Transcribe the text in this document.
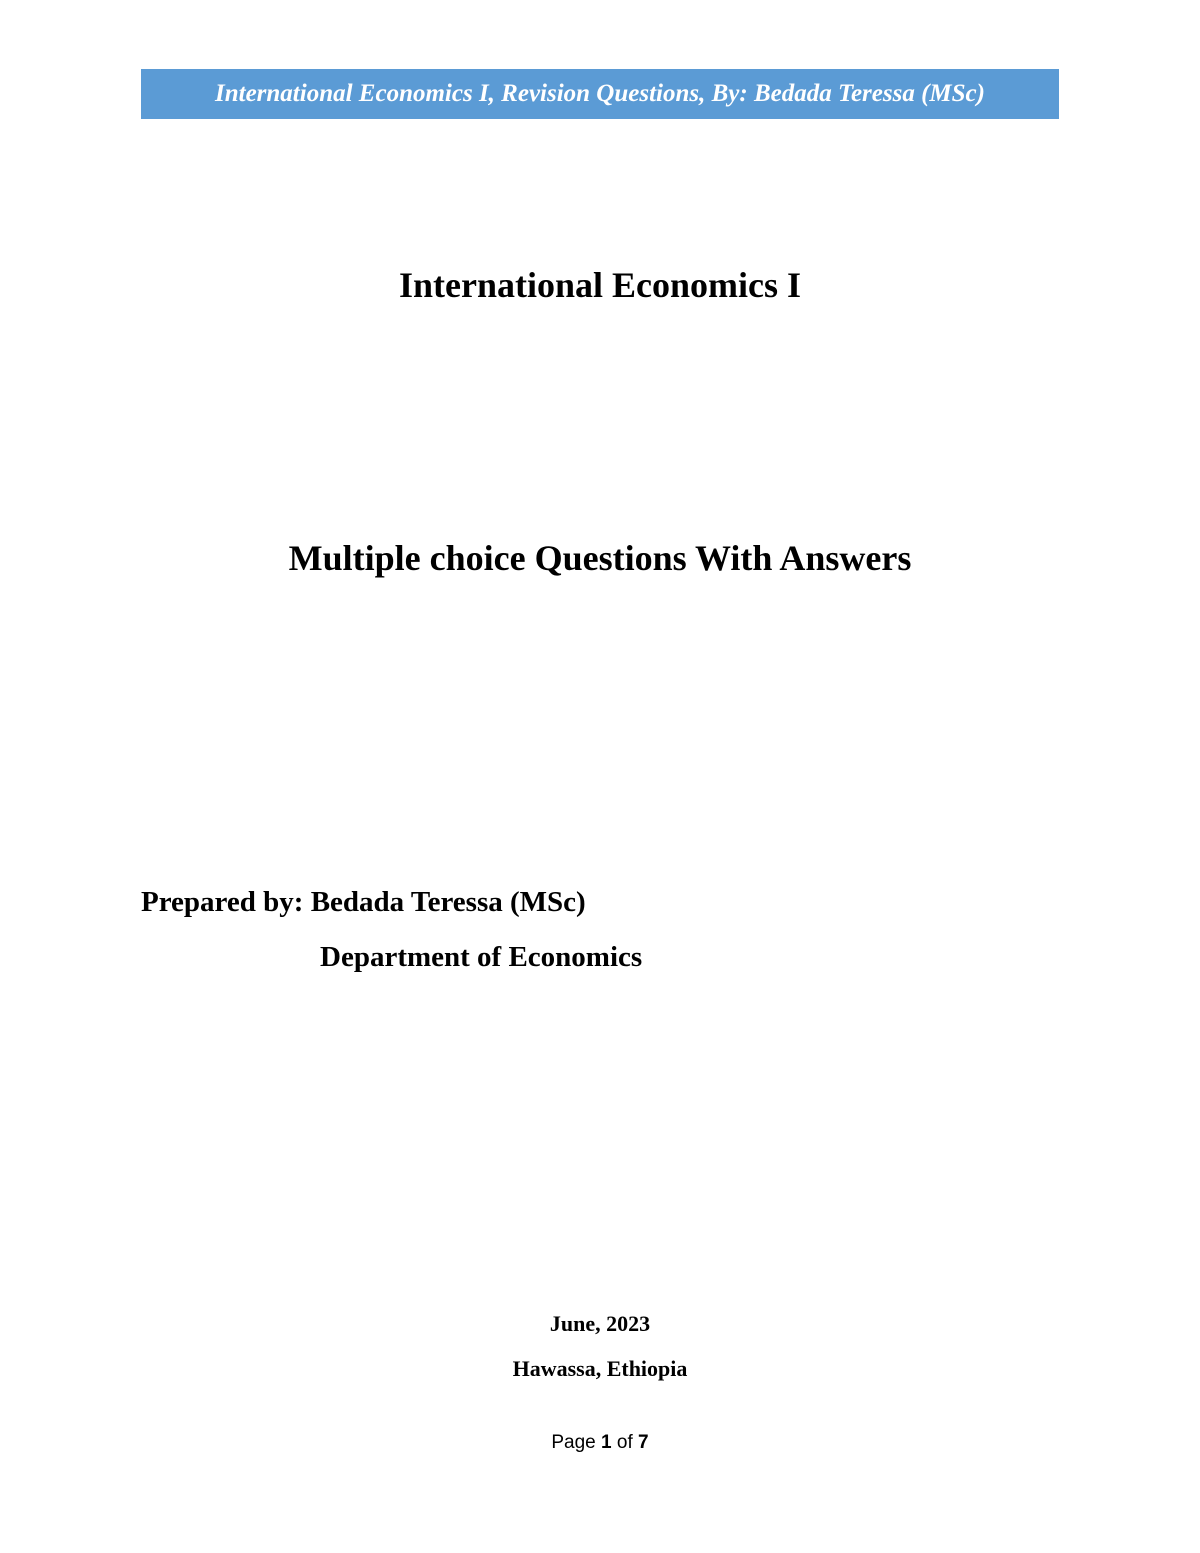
International Economics I, Revision Questions, By: Bedada Teressa (MSc)
International Economics I
Multiple choice Questions With Answers
Prepared by: Bedada Teressa (MSc)
Department of Economics
June, 2023
Hawassa, Ethiopia
Page 1 of 7
